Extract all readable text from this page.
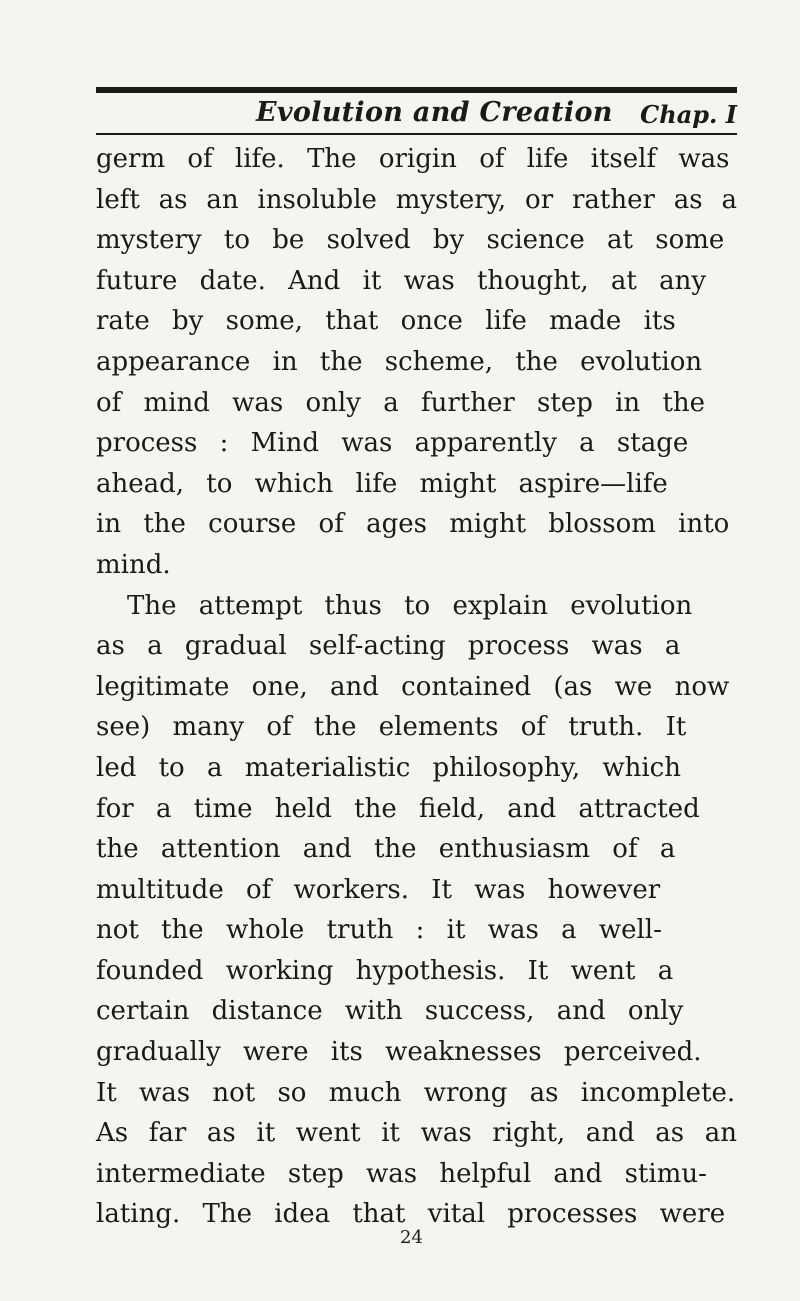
Evolution and Creation Chap. I
germ of life. The origin of life itself was
left as an insoluble mystery, or rather as a
mystery to be solved by science at some
future date. And it was thought, at any
rate by some, that once life made its
appearance in the scheme, the evolution
of mind was only a further step in the
process : Mind was apparently a stage
ahead, to which life might aspire—life
in the course of ages might blossom into
mind.
The attempt thus to explain evolution
as a gradual self-acting process was a
legitimate one, and contained (as we now
see) many of the elements of truth. It
led to a materialistic philosophy, which
for a time held the field, and attracted
the attention and the enthusiasm of a
multitude of workers. It was however
not the whole truth : it was a well-
founded working hypothesis. It went a
certain distance with success, and only
gradually were its weaknesses perceived.
It was not so much wrong as incomplete.
As far as it went it was right, and as an
intermediate step was helpful and stimu-
lating. The idea that vital processes were
24
